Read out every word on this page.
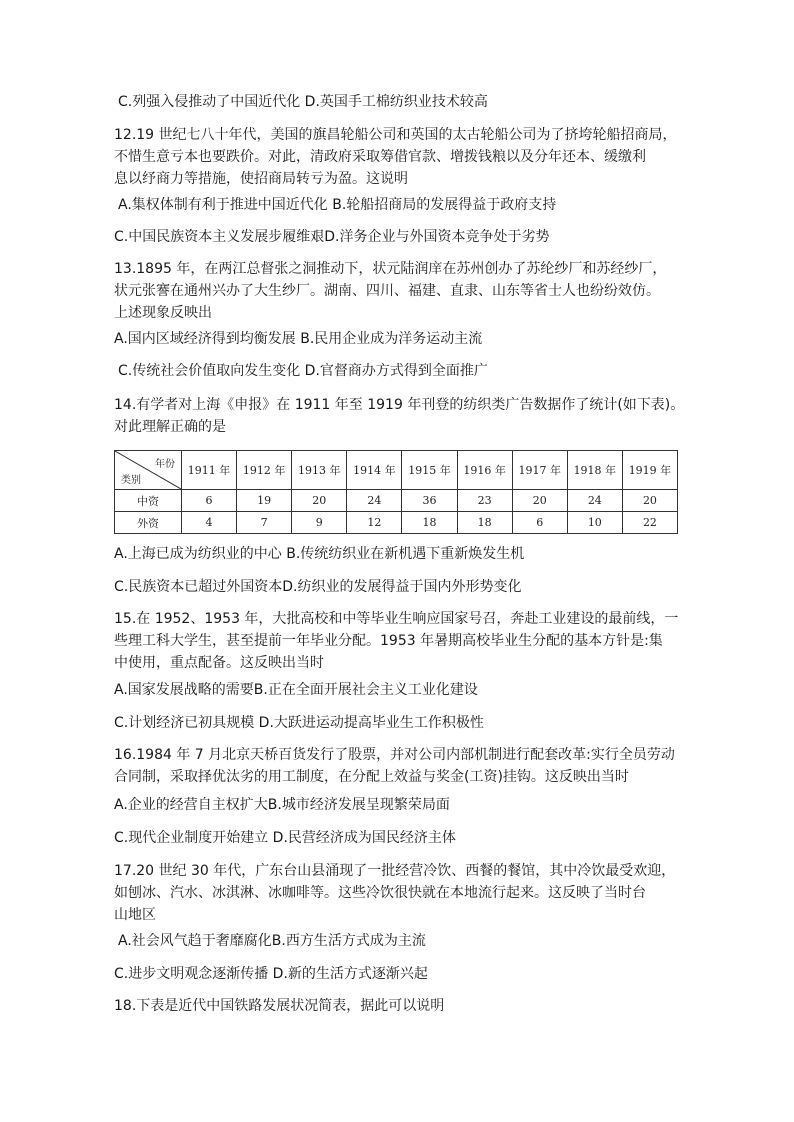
C.列强入侵推动了中国近代化 D.英国手工棉纺织业技术较高
12.19 世纪七八十年代，美国的旗昌轮船公司和英国的太古轮船公司为了挤垮轮船招商局，
不惜生意亏本也要跌价。对此，清政府采取筹借官款、增拨钱粮以及分年还本、缓缴利
息以纾商力等措施，使招商局转亏为盈。这说明
A.集权体制有利于推进中国近代化 B.轮船招商局的发展得益于政府支持
C.中国民族资本主义发展步履维艰D.洋务企业与外国资本竞争处于劣势
13.1895 年，在两江总督张之洞推动下，状元陆润庠在苏州创办了苏纶纱厂和苏经纱厂，
状元张謇在通州兴办了大生纱厂。湖南、四川、福建、直隶、山东等省士人也纷纷效仿。
上述现象反映出
A.国内区域经济得到均衡发展 B.民用企业成为洋务运动主流
C.传统社会价值取向发生变化 D.官督商办方式得到全面推广
14.有学者对上海《申报》在 1911 年至 1919 年刊登的纺织类广告数据作了统计(如下表)。
对此理解正确的是
年份
类别	1911 年	1912 年	1913 年	1914 年	1915 年	1916 年	1917 年	1918 年	1919 年
中资	6	19	20	24	36	23	20	24	20
外资	4	7	9	12	18	18	6	10	22
A.上海已成为纺织业的中心 B.传统纺织业在新机遇下重新焕发生机
C.民族资本已超过外国资本D.纺织业的发展得益于国内外形势变化
15.在 1952、1953 年，大批高校和中等毕业生响应国家号召，奔赴工业建设的最前线，一
些理工科大学生，甚至提前一年毕业分配。1953 年暑期高校毕业生分配的基本方针是:集
中使用，重点配备。这反映出当时
A.国家发展战略的需要B.正在全面开展社会主义工业化建设
C.计划经济已初具规模 D.大跃进运动提高毕业生工作积极性
16.1984 年 7 月北京天桥百货发行了股票，并对公司内部机制进行配套改革:实行全员劳动
合同制，采取择优汰劣的用工制度，在分配上效益与奖金(工资)挂钩。这反映出当时
A.企业的经营自主权扩大B.城市经济发展呈现繁荣局面
C.现代企业制度开始建立 D.民营经济成为国民经济主体
17.20 世纪 30 年代，广东台山县涌现了一批经营冷饮、西餐的餐馆，其中冷饮最受欢迎，
如刨冰、汽水、冰淇淋、冰咖啡等。这些冷饮很快就在本地流行起来。这反映了当时台
山地区
A.社会风气趋于奢靡腐化B.西方生活方式成为主流
C.进步文明观念逐渐传播 D.新的生活方式逐渐兴起
18.下表是近代中国铁路发展状况简表，据此可以说明
